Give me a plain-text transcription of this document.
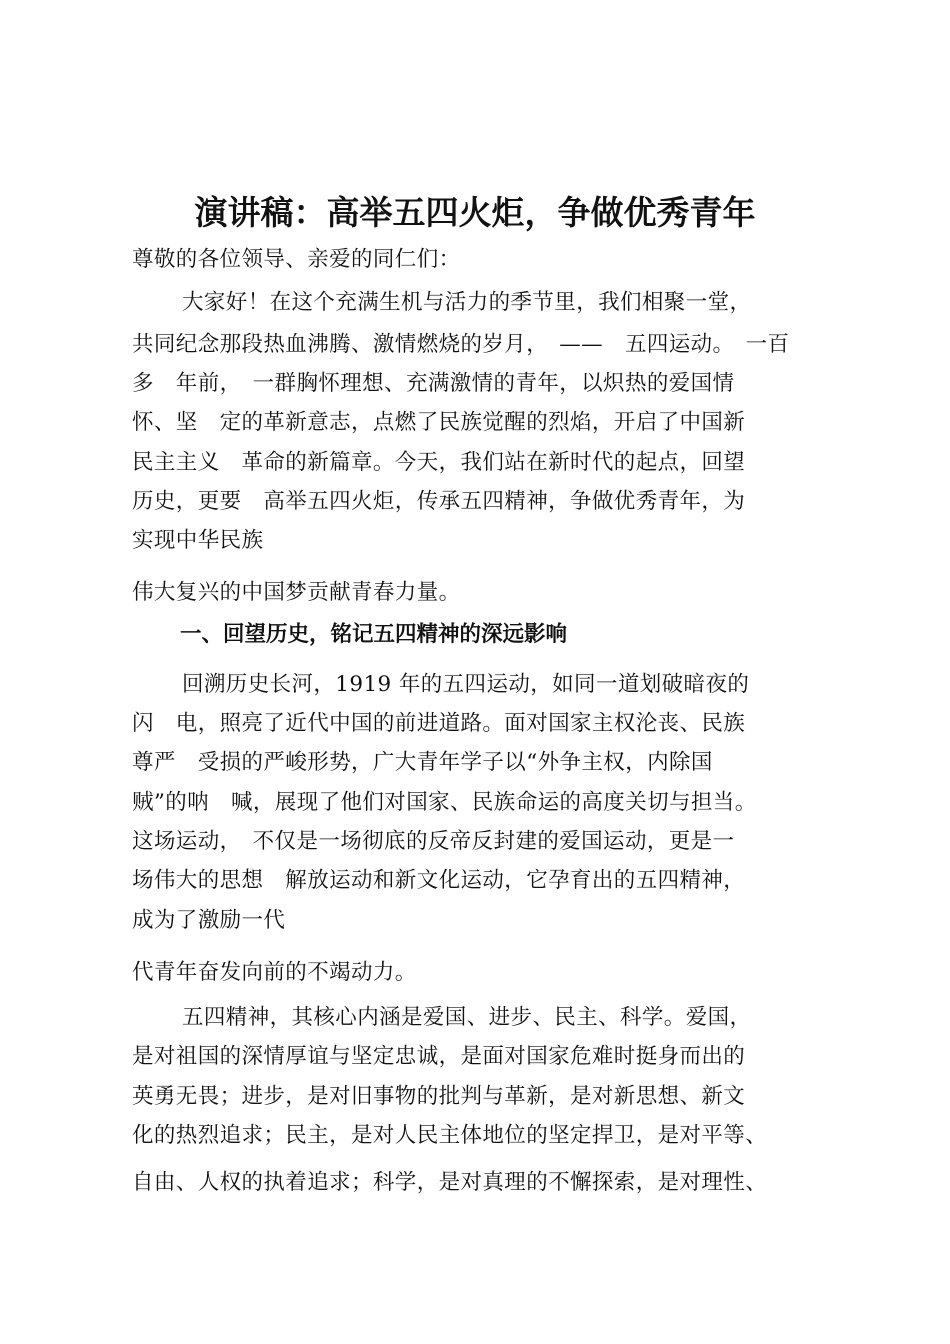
演讲稿：高举五四火炬，争做优秀青年
尊敬的各位领导、亲爱的同仁们：
大家好！在这个充满生机与活力的季节里，我们相聚一堂，
共同纪念那段热血沸腾、激情燃烧的岁月，　——　五四运动。　一百
多　年前，　一群胸怀理想、充满激情的青年，以炽热的爱国情
怀、坚　定的革新意志，点燃了民族觉醒的烈焰，开启了中国新
民主主义　革命的新篇章。今天，我们站在新时代的起点，回望
历史，更要　高举五四火炬，传承五四精神，争做优秀青年，为
实现中华民族
伟大复兴的中国梦贡献青春力量。
一、回望历史，铭记五四精神的深远影响
回溯历史长河，1919 年的五四运动，如同一道划破暗夜的
闪　电，照亮了近代中国的前进道路。面对国家主权沦丧、民族
尊严　受损的严峻形势，广大青年学子以“外争主权，内除国
贼”的呐　喊，展现了他们对国家、民族命运的高度关切与担当。
这场运动，　不仅是一场彻底的反帝反封建的爱国运动，更是一
场伟大的思想　解放运动和新文化运动，它孕育出的五四精神，
成为了激励一代
代青年奋发向前的不竭动力。
五四精神，其核心内涵是爱国、进步、民主、科学。爱国，
是对祖国的深情厚谊与坚定忠诚，是面对国家危难时挺身而出的
英勇无畏；进步，是对旧事物的批判与革新，是对新思想、新文
化的热烈追求；民主，是对人民主体地位的坚定捍卫，是对平等、
自由、人权的执着追求；科学，是对真理的不懈探索，是对理性、
